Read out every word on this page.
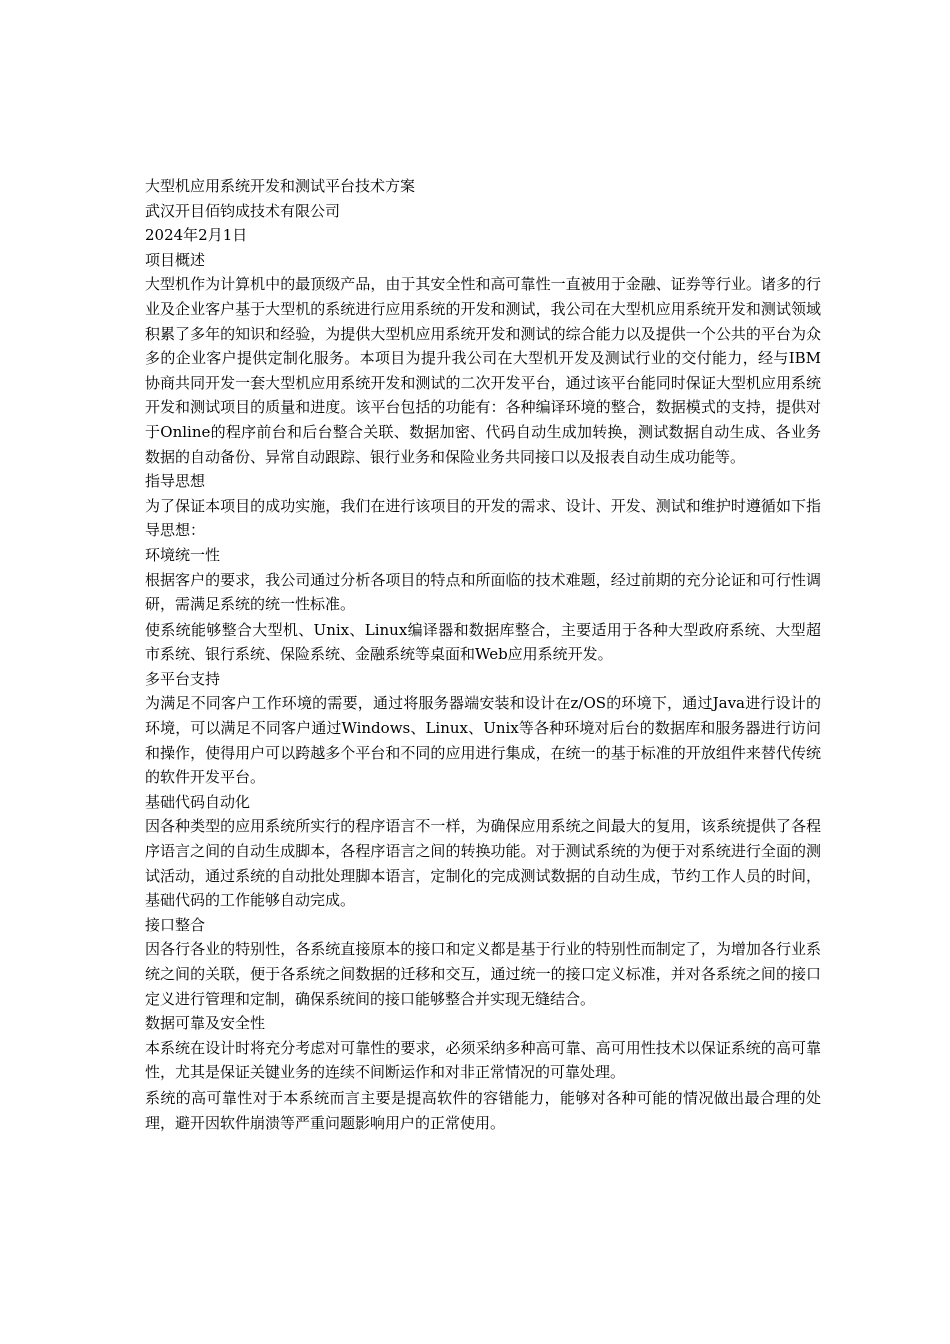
大型机应用系统开发和测试平台技术方案

武汉开目佰钧成技术有限公司

2024年2月1日

项目概述

大型机作为计算机中的最顶级产品，由于其安全性和高可靠性一直被用于金融、证券等行业。诸多的行业及企业客户基于大型机的系统进行应用系统的开发和测试，我公司在大型机应用系统开发和测试领域积累了多年的知识和经验，为提供大型机应用系统开发和测试的综合能力以及提供一个公共的平台为众多的企业客户提供定制化服务。本项目为提升我公司在大型机开发及测试行业的交付能力，经与IBM协商共同开发一套大型机应用系统开发和测试的二次开发平台，通过该平台能同时保证大型机应用系统开发和测试项目的质量和进度。该平台包括的功能有：各种编译环境的整合，数据模式的支持，提供对于Online的程序前台和后台整合关联、数据加密、代码自动生成加转换，测试数据自动生成、各业务数据的自动备份、异常自动跟踪、银行业务和保险业务共同接口以及报表自动生成功能等。

指导思想

为了保证本项目的成功实施，我们在进行该项目的开发的需求、设计、开发、测试和维护时遵循如下指导思想：

环境统一性

根据客户的要求，我公司通过分析各项目的特点和所面临的技术难题，经过前期的充分论证和可行性调研，需满足系统的统一性标准。

使系统能够整合大型机、Unix、Linux编译器和数据库整合，主要适用于各种大型政府系统、大型超市系统、银行系统、保险系统、金融系统等桌面和Web应用系统开发。

多平台支持

为满足不同客户工作环境的需要，通过将服务器端安装和设计在z/OS的环境下，通过Java进行设计的环境，可以满足不同客户通过Windows、Linux、Unix等各种环境对后台的数据库和服务器进行访问和操作，使得用户可以跨越多个平台和不同的应用进行集成，在统一的基于标准的开放组件来替代传统的软件开发平台。

基础代码自动化

因各种类型的应用系统所实行的程序语言不一样，为确保应用系统之间最大的复用，该系统提供了各程序语言之间的自动生成脚本，各程序语言之间的转换功能。对于测试系统的为便于对系统进行全面的测试活动，通过系统的自动批处理脚本语言，定制化的完成测试数据的自动生成，节约工作人员的时间，基础代码的工作能够自动完成。

接口整合

因各行各业的特别性，各系统直接原本的接口和定义都是基于行业的特别性而制定了，为增加各行业系统之间的关联，便于各系统之间数据的迁移和交互，通过统一的接口定义标准，并对各系统之间的接口定义进行管理和定制，确保系统间的接口能够整合并实现无缝结合。

数据可靠及安全性

本系统在设计时将充分考虑对可靠性的要求，必须采纳多种高可靠、高可用性技术以保证系统的高可靠性，尤其是保证关键业务的连续不间断运作和对非正常情况的可靠处理。

系统的高可靠性对于本系统而言主要是提高软件的容错能力，能够对各种可能的情况做出最合理的处理，避开因软件崩溃等严重问题影响用户的正常使用。
